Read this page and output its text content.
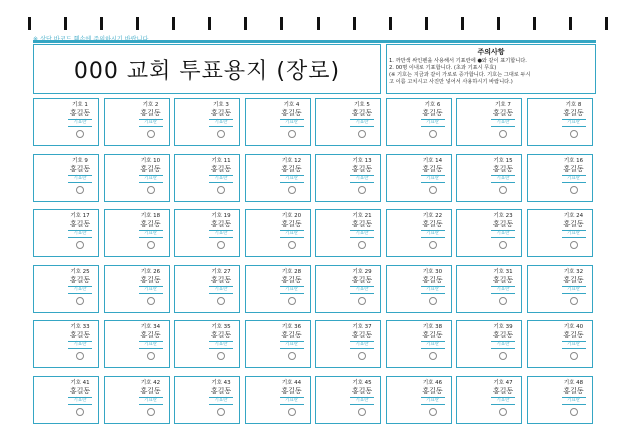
000 교회 투표용지 (장로)
주의사항
1. 까만색 싸인펜을 사용해서 기표란에 ●와 같이 표기합니다.
2. 00명 이내로 기표합니다. (초과 기표시 무효)
(※ 기호는 지금과 같이 가로로 증가합니다. 기호는 그대로 두시
고 이름 고치시고 사진만 넣어서 사용하시기 바랍니다.)
기호 1
홍길동
기표란
기호 2
홍길동
기표란
기호 3
홍길동
기표란
기호 4
홍길동
기표란
기호 5
홍길동
기표란
기호 6
홍길동
기표란
기호 7
홍길동
기표란
기호 8
홍길동
기표란
기호 9
홍길동
기표란
기호 10
홍길동
기표란
기호 11
홍길동
기표란
기호 12
홍길동
기표란
기호 13
홍길동
기표란
기호 14
홍길동
기표란
기호 15
홍길동
기표란
기호 16
홍길동
기표란
기호 17
홍길동
기표란
기호 18
홍길동
기표란
기호 19
홍길동
기표란
기호 20
홍길동
기표란
기호 21
홍길동
기표란
기호 22
홍길동
기표란
기호 23
홍길동
기표란
기호 24
홍길동
기표란
기호 25
홍길동
기표란
기호 26
홍길동
기표란
기호 27
홍길동
기표란
기호 28
홍길동
기표란
기호 29
홍길동
기표란
기호 30
홍길동
기표란
기호 31
홍길동
기표란
기호 32
홍길동
기표란
기호 33
홍길동
기표란
기호 34
홍길동
기표란
기호 35
홍길동
기표란
기호 36
홍길동
기표란
기호 37
홍길동
기표란
기호 38
홍길동
기표란
기호 39
홍길동
기표란
기호 40
홍길동
기표란
기호 41
홍길동
기표란
기호 42
홍길동
기표란
기호 43
홍길동
기표란
기호 44
홍길동
기표란
기호 45
홍길동
기표란
기호 46
홍길동
기표란
기호 47
홍길동
기표란
기호 48
홍길동
기표란
